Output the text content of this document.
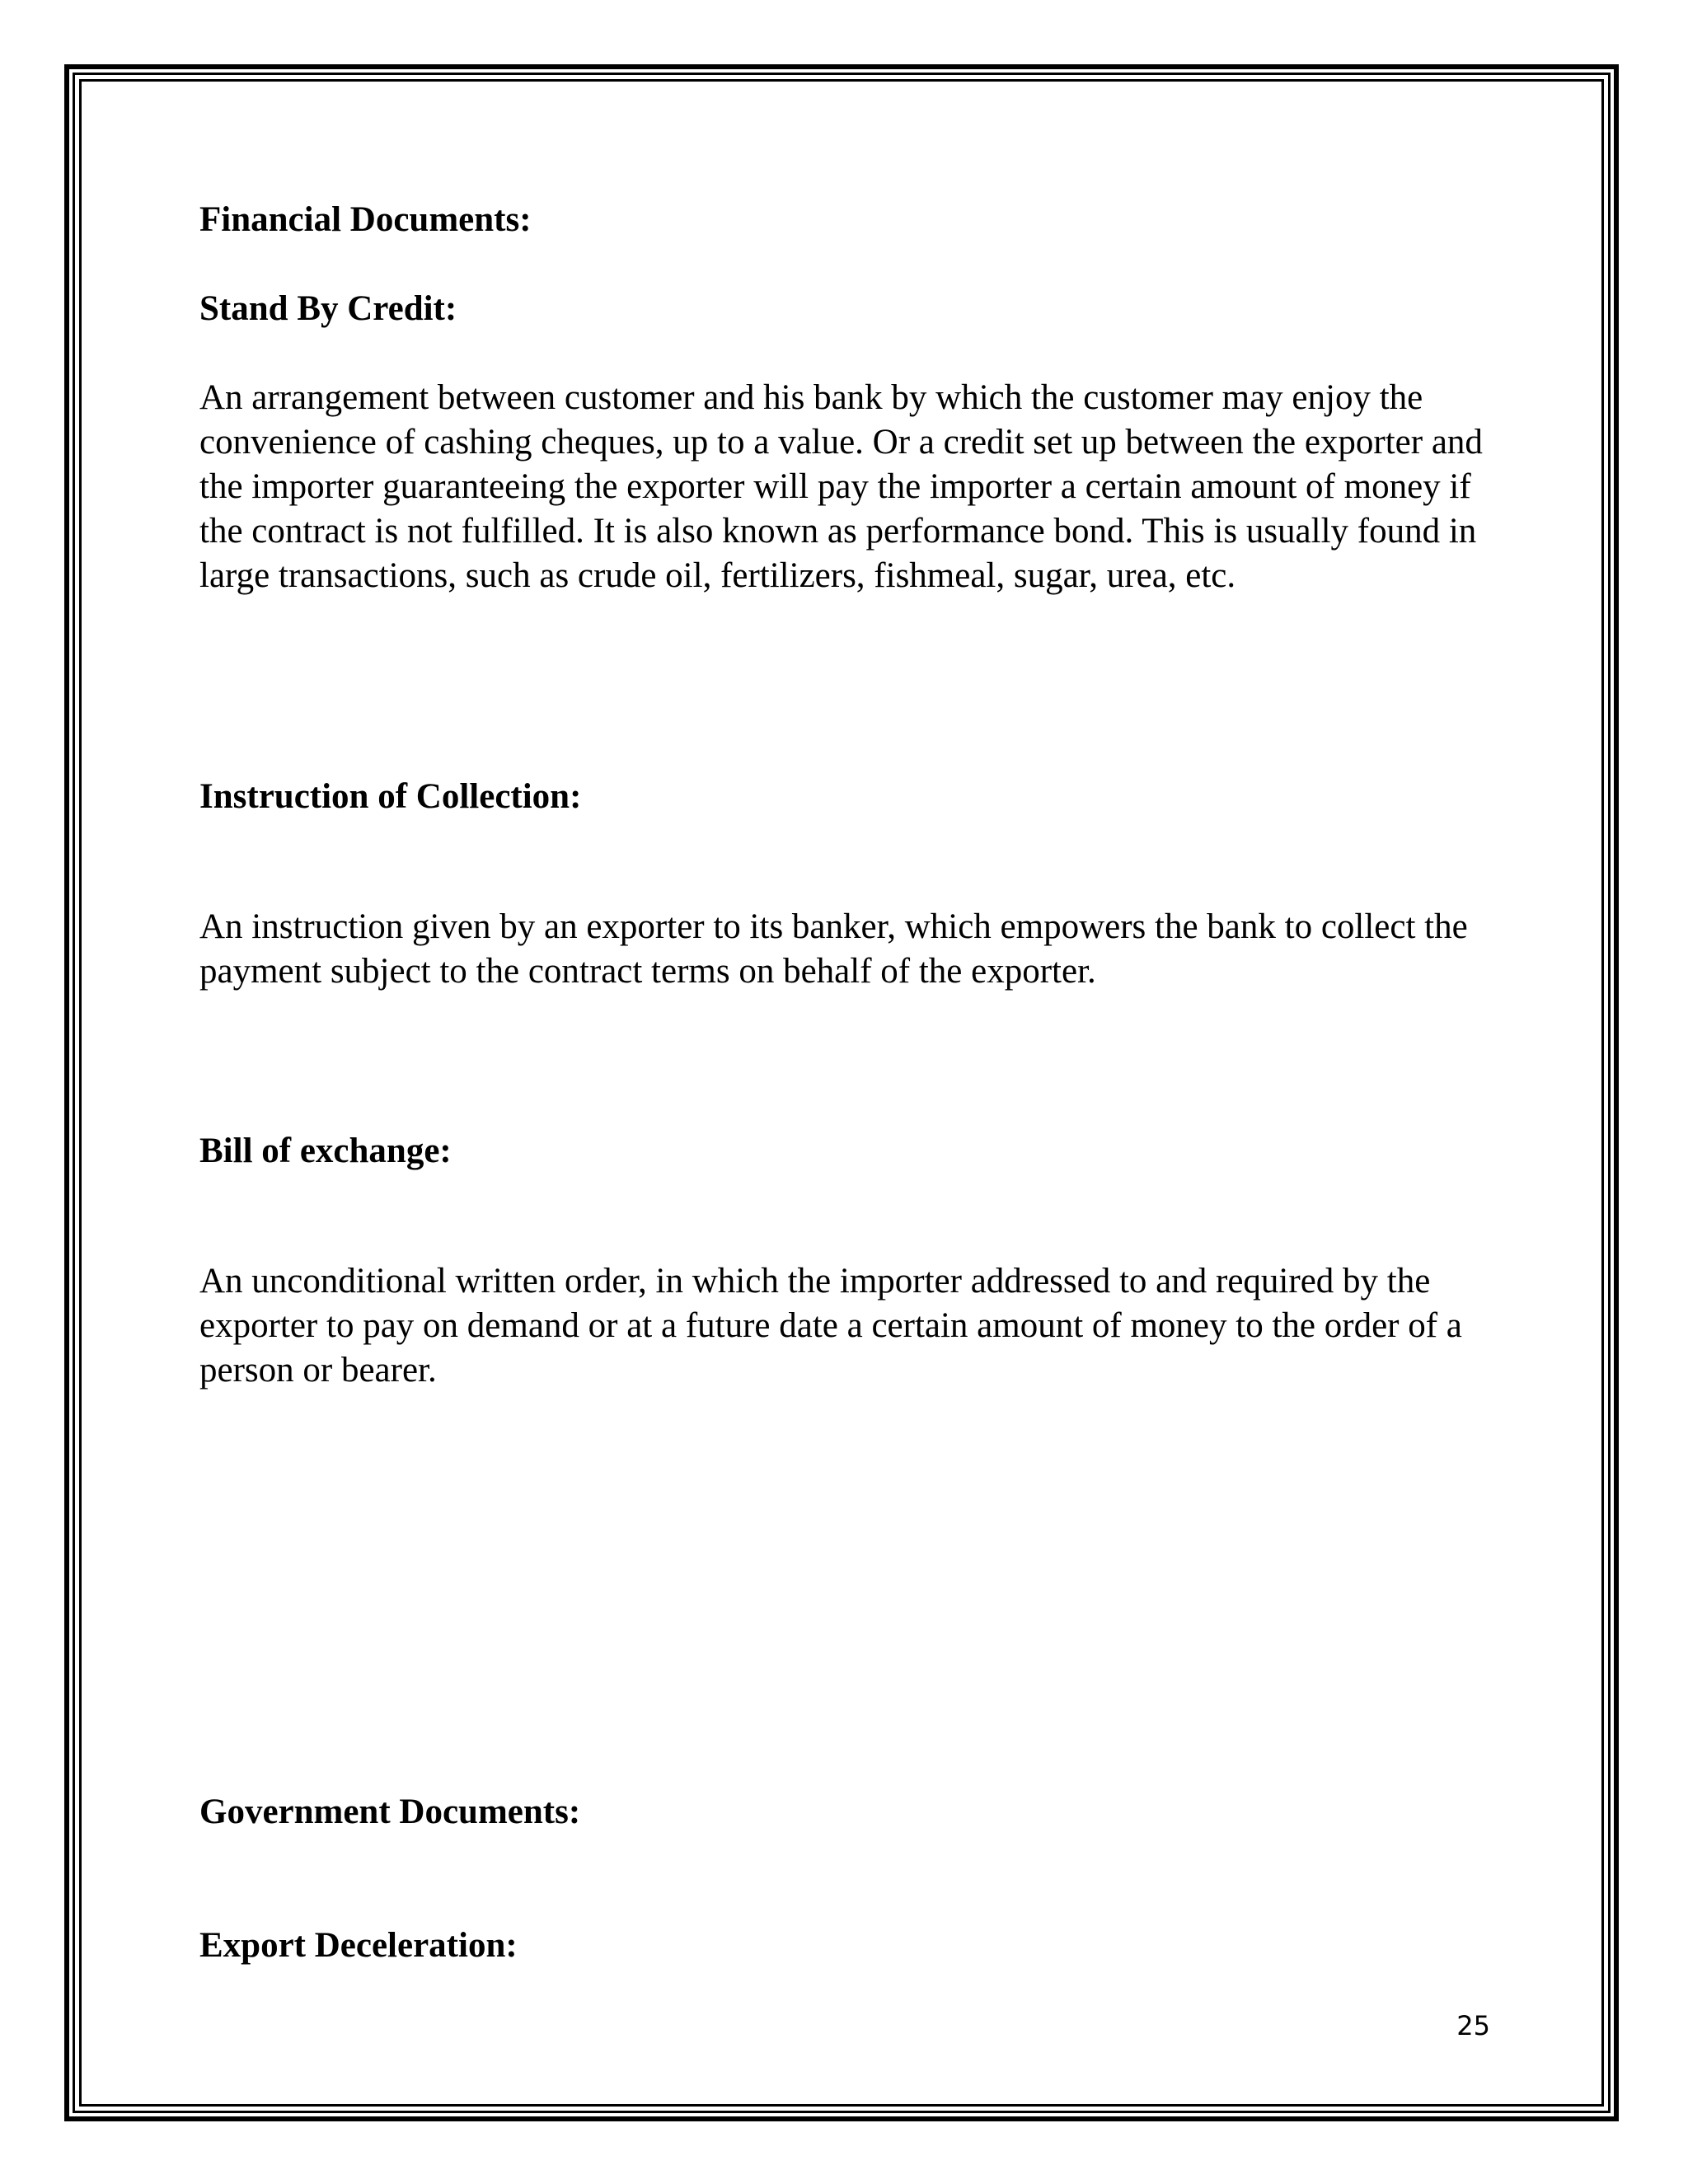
Financial Documents:
Stand By Credit:
An arrangement between customer and his bank by which the customer may enjoy the convenience of cashing cheques, up to a value. Or a credit set up between the exporter and the importer guaranteeing the exporter will pay the importer a certain amount of money if the contract is not fulfilled. It is also known as performance bond. This is usually found in large transactions, such as crude oil, fertilizers, fishmeal, sugar, urea, etc.
Instruction of Collection:
An instruction given by an exporter to its banker, which empowers the bank to collect the payment subject to the contract terms on behalf of the exporter.
Bill of exchange:
An unconditional written order, in which the importer addressed to and required by the exporter to pay on demand or at a future date a certain amount of money to the order of a person or bearer.
Government Documents:
Export Deceleration:
25
